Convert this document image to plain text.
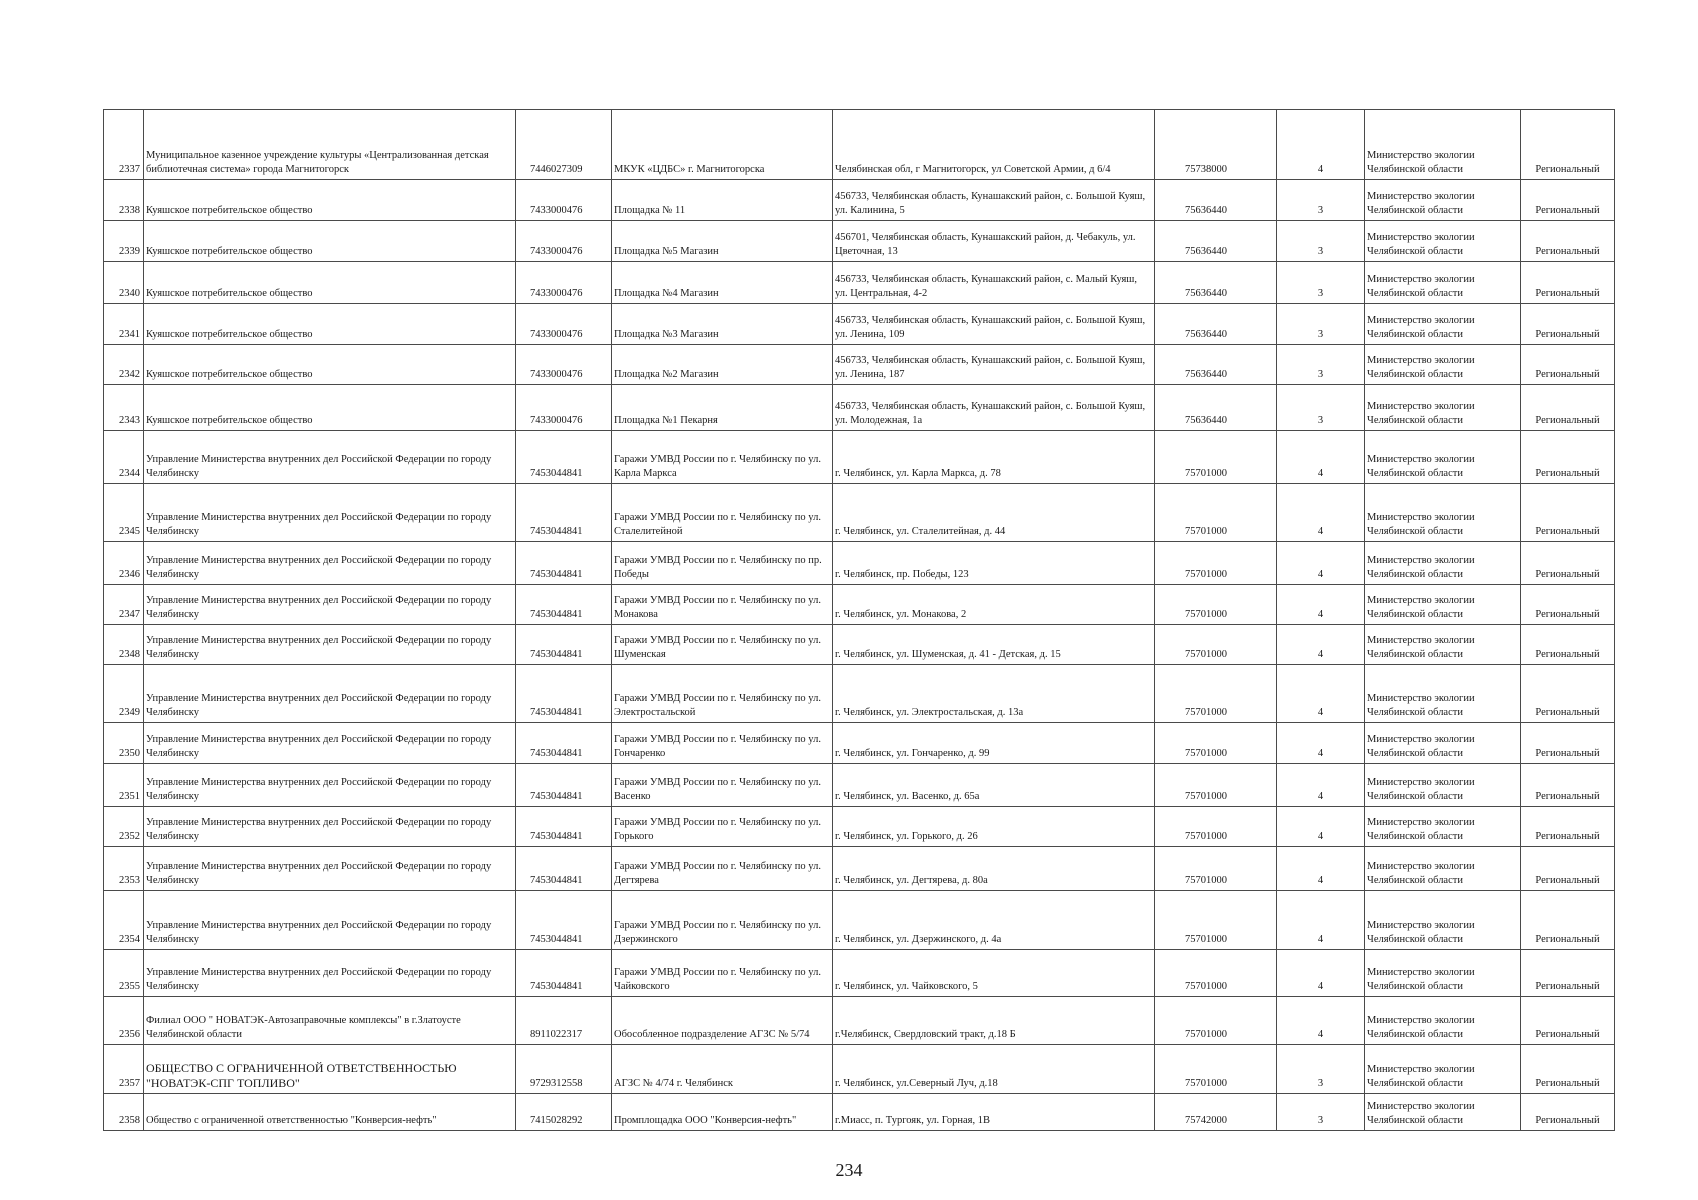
2337	Муниципальное казенное учреждение культуры «Централизованная детская библиотечная система» города Магнитогорск	7446027309	МКУК «ЦДБС» г. Магнитогорска	Челябинская обл, г Магнитогорск, ул Советской Армии, д 6/4	75738000	4	Министерство экологии Челябинской области	Региональный
2338	Куяшское потребительское общество	7433000476	Площадка № 11	456733, Челябинская область, Кунашакский район, с. Большой Куяш, ул. Калинина, 5	75636440	3	Министерство экологии Челябинской области	Региональный
2339	Куяшское потребительское общество	7433000476	Площадка №5 Магазин	456701, Челябинская область, Кунашакский район, д. Чебакуль, ул. Цветочная, 13	75636440	3	Министерство экологии Челябинской области	Региональный
2340	Куяшское потребительское общество	7433000476	Площадка №4 Магазин	456733, Челябинская область, Кунашакский район, с. Малый Куяш, ул. Центральная, 4-2	75636440	3	Министерство экологии Челябинской области	Региональный
2341	Куяшское потребительское общество	7433000476	Площадка №3 Магазин	456733, Челябинская область, Кунашакский район, с. Большой Куяш, ул. Ленина, 109	75636440	3	Министерство экологии Челябинской области	Региональный
2342	Куяшское потребительское общество	7433000476	Площадка №2 Магазин	456733, Челябинская область, Кунашакский район, с. Большой Куяш, ул. Ленина, 187	75636440	3	Министерство экологии Челябинской области	Региональный
2343	Куяшское потребительское общество	7433000476	Площадка №1 Пекарня	456733, Челябинская область, Кунашакский район, с. Большой Куяш, ул. Молодежная, 1а	75636440	3	Министерство экологии Челябинской области	Региональный
2344	Управление Министерства внутренних дел Российской Федерации по городу Челябинску	7453044841	Гаражи УМВД России по г. Челябинску по ул. Карла Маркса	г. Челябинск, ул. Карла Маркса, д. 78	75701000	4	Министерство экологии Челябинской области	Региональный
2345	Управление Министерства внутренних дел Российской Федерации по городу Челябинску	7453044841	Гаражи УМВД России по г. Челябинску по ул. Сталелитейной	г. Челябинск, ул. Сталелитейная, д. 44	75701000	4	Министерство экологии Челябинской области	Региональный
2346	Управление Министерства внутренних дел Российской Федерации по городу Челябинску	7453044841	Гаражи УМВД России по г. Челябинску по пр. Победы	г. Челябинск, пр. Победы, 123	75701000	4	Министерство экологии Челябинской области	Региональный
2347	Управление Министерства внутренних дел Российской Федерации по городу Челябинску	7453044841	Гаражи УМВД России по г. Челябинску по ул. Монакова	г. Челябинск, ул. Монакова, 2	75701000	4	Министерство экологии Челябинской области	Региональный
2348	Управление Министерства внутренних дел Российской Федерации по городу Челябинску	7453044841	Гаражи УМВД России по г. Челябинску по ул. Шуменская	г. Челябинск, ул. Шуменская, д. 41 - Детская, д. 15	75701000	4	Министерство экологии Челябинской области	Региональный
2349	Управление Министерства внутренних дел Российской Федерации по городу Челябинску	7453044841	Гаражи УМВД России по г. Челябинску по ул. Электростальской	г. Челябинск, ул. Электростальская, д. 13а	75701000	4	Министерство экологии Челябинской области	Региональный
2350	Управление Министерства внутренних дел Российской Федерации по городу Челябинску	7453044841	Гаражи УМВД России по г. Челябинску по ул. Гончаренко	г. Челябинск, ул. Гончаренко, д. 99	75701000	4	Министерство экологии Челябинской области	Региональный
2351	Управление Министерства внутренних дел Российской Федерации по городу Челябинску	7453044841	Гаражи УМВД России по г. Челябинску по ул. Васенко	г. Челябинск, ул. Васенко, д. 65а	75701000	4	Министерство экологии Челябинской области	Региональный
2352	Управление Министерства внутренних дел Российской Федерации по городу Челябинску	7453044841	Гаражи УМВД России по г. Челябинску по ул. Горького	г. Челябинск, ул. Горького, д. 26	75701000	4	Министерство экологии Челябинской области	Региональный
2353	Управление Министерства внутренних дел Российской Федерации по городу Челябинску	7453044841	Гаражи УМВД России по г. Челябинску по ул. Дегтярева	г. Челябинск, ул. Дегтярева, д. 80а	75701000	4	Министерство экологии Челябинской области	Региональный
2354	Управление Министерства внутренних дел Российской Федерации по городу Челябинску	7453044841	Гаражи УМВД России по г. Челябинску по ул. Дзержинского	г. Челябинск, ул. Дзержинского, д. 4а	75701000	4	Министерство экологии Челябинской области	Региональный
2355	Управление Министерства внутренних дел Российской Федерации по городу Челябинску	7453044841	Гаражи УМВД России по г. Челябинску по ул. Чайковского	г. Челябинск, ул. Чайковского, 5	75701000	4	Министерство экологии Челябинской области	Региональный
2356	Филиал ООО " НОВАТЭК-Автозаправочные комплексы" в г.Златоусте Челябинской области	8911022317	Обособленное подразделение АГЗС № 5/74	г.Челябинск, Свердловский тракт, д.18 Б	75701000	4	Министерство экологии Челябинской области	Региональный
2357	ОБЩЕСТВО С ОГРАНИЧЕННОЙ ОТВЕТСТВЕННОСТЬЮ "НОВАТЭК-СПГ ТОПЛИВО"	9729312558	АГЗС № 4/74 г. Челябинск	г. Челябинск, ул.Северный Луч, д.18	75701000	3	Министерство экологии Челябинской области	Региональный
2358	Общество с ограниченной ответственностью "Конверсия-нефть"	7415028292	Промплощадка ООО "Конверсия-нефть"	г.Миасс, п. Тургояк, ул. Горная, 1В	75742000	3	Министерство экологии Челябинской области	Региональный
234
